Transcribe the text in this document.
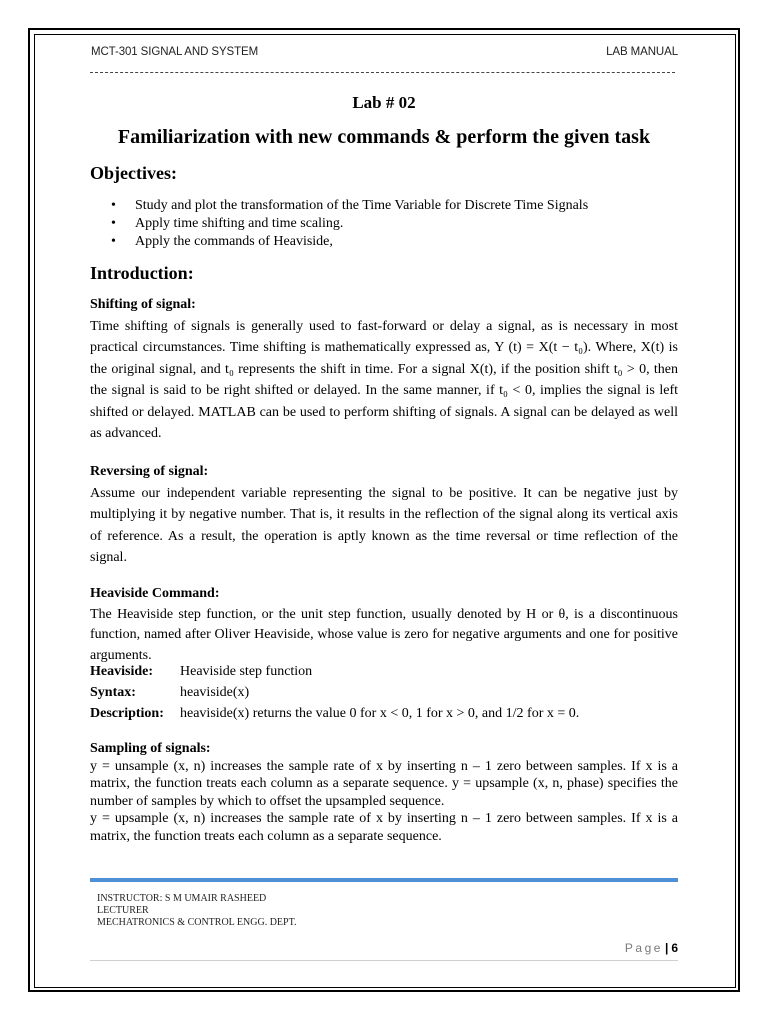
MCT-301 SIGNAL AND SYSTEM	LAB MANUAL
Lab # 02
Familiarization with new commands & perform the given task
Objectives:
• Study and plot the transformation of the Time Variable for Discrete Time Signals
• Apply time shifting and time scaling.
• Apply the commands of Heaviside,
Introduction:

Shifting of signal:

Time shifting of signals is generally used to fast-forward or delay a signal, as is necessary in most practical circumstances. Time shifting is mathematically expressed as, Y (t) = X(t − t₀). Where, X(t) is the original signal, and t₀ represents the shift in time. For a signal X(t), if the position shift t₀ > 0, then the signal is said to be right shifted or delayed. In the same manner, if t₀ < 0, implies the signal is left shifted or delayed. MATLAB can be used to perform shifting of signals. A signal can be delayed as well as advanced.

Reversing of signal:

Assume our independent variable representing the signal to be positive. It can be negative just by multiplying it by negative number. That is, it results in the reflection of the signal along its vertical axis of reference. As a result, the operation is aptly known as the time reversal or time reflection of the signal.

Heaviside Command:

The Heaviside step function, or the unit step function, usually denoted by H or θ, is a discontinuous function, named after Oliver Heaviside, whose value is zero for negative arguments and one for positive arguments.

Heaviside: Heaviside step function
Syntax:	heaviside(x)
Description: heaviside(x) returns the value 0 for x < 0, 1 for x > 0, and 1/2 for x = 0.

Sampling of signals:

y = unsample (x, n) increases the sample rate of x by inserting n – 1 zero between samples. If x is a matrix, the function treats each column as a separate sequence. y = upsample (x, n, phase) specifies the number of samples by which to offset the upsampled sequence.

y = upsample (x, n) increases the sample rate of x by inserting n – 1 zero between samples. If x is a matrix, the function treats each column as a separate sequence.

INSTRUCTOR: S M UMAIR RASHEED
LECTURER
MECHATRONICS & CONTROL ENGG. DEPT.
Page | 6
